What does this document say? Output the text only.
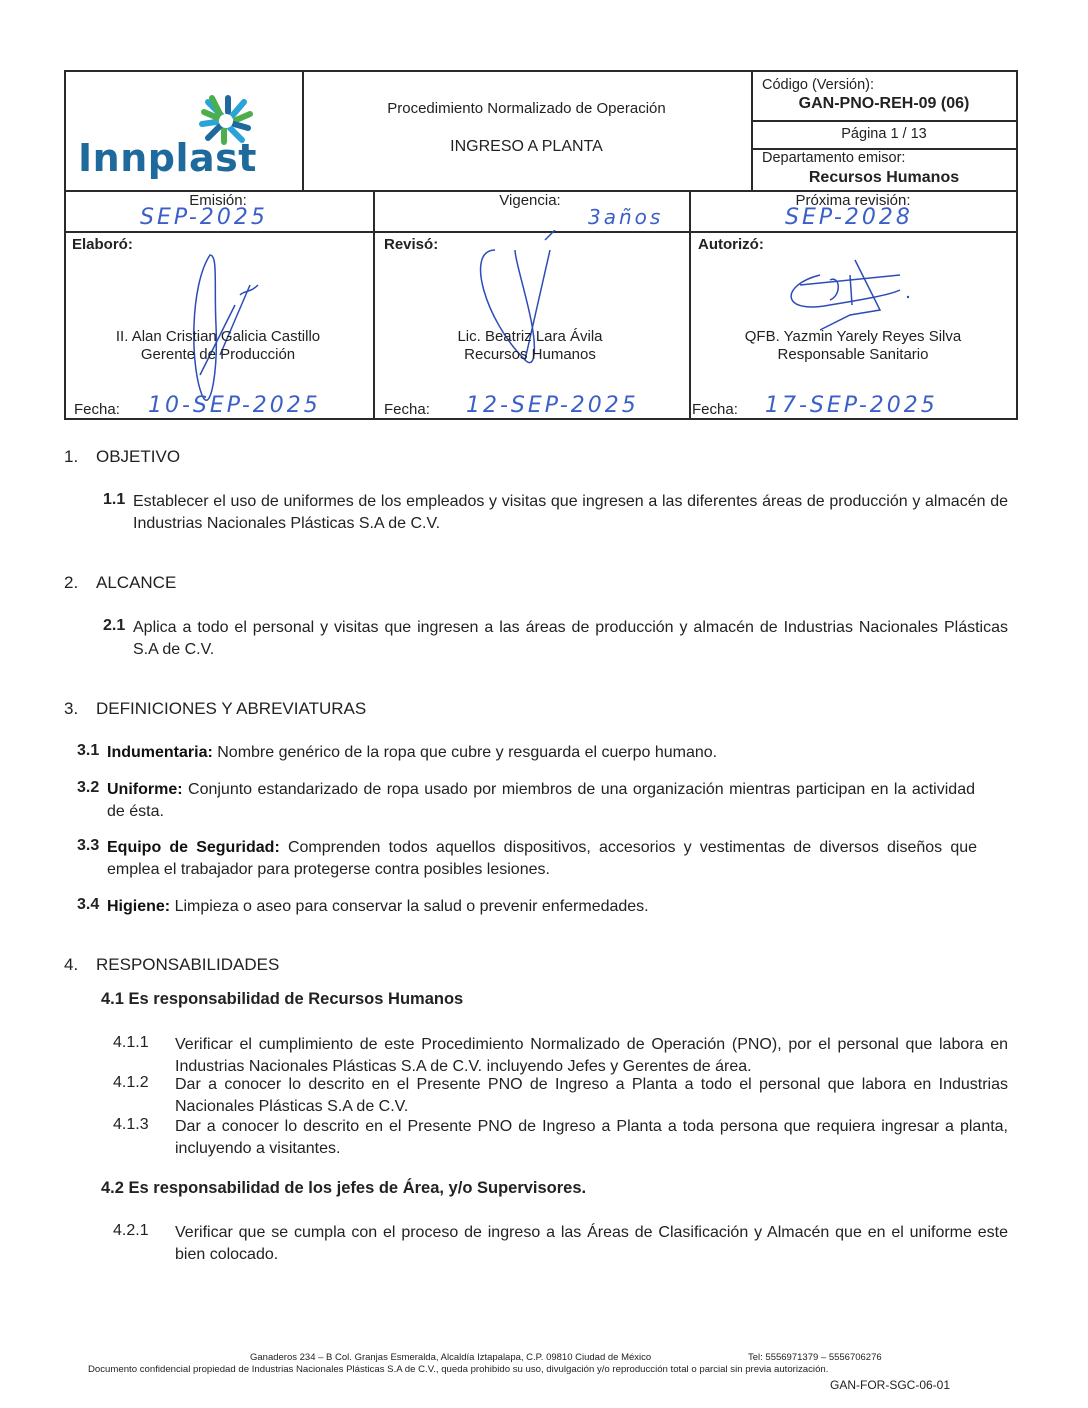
Innplast
Procedimiento Normalizado de Operación
INGRESO A PLANTA
Código (Versión):
GAN-PNO-REH-09 (06)
Página 1 / 13
Departamento emisor:
Recursos Humanos
Emisión:
SEP-2025
Vigencia:
3años
Próxima revisión:
SEP-2028
Elaboró:
II. Alan Cristian Galicia Castillo
Gerente de Producción
Fecha: 10-SEP-2025
Revisó:
Lic. Beatriz Lara Ávila
Recursos Humanos
Fecha: 12-SEP-2025
Autorizó:
QFB. Yazmin Yarely Reyes Silva
Responsable Sanitario
Fecha: 17-SEP-2025
1. OBJETIVO
1.1 Establecer el uso de uniformes de los empleados y visitas que ingresen a las diferentes áreas de producción y almacén de Industrias Nacionales Plásticas S.A de C.V.
2. ALCANCE
2.1 Aplica a todo el personal y visitas que ingresen a las áreas de producción y almacén de Industrias Nacionales Plásticas S.A de C.V.
3. DEFINICIONES Y ABREVIATURAS
3.1 Indumentaria: Nombre genérico de la ropa que cubre y resguarda el cuerpo humano.
3.2 Uniforme: Conjunto estandarizado de ropa usado por miembros de una organización mientras participan en la actividad de ésta.
3.3 Equipo de Seguridad: Comprenden todos aquellos dispositivos, accesorios y vestimentas de diversos diseños que emplea el trabajador para protegerse contra posibles lesiones.
3.4 Higiene: Limpieza o aseo para conservar la salud o prevenir enfermedades.
4. RESPONSABILIDADES
4.1 Es responsabilidad de Recursos Humanos
4.1.1 Verificar el cumplimiento de este Procedimiento Normalizado de Operación (PNO), por el personal que labora en Industrias Nacionales Plásticas S.A de C.V. incluyendo Jefes y Gerentes de área.
4.1.2 Dar a conocer lo descrito en el Presente PNO de Ingreso a Planta a todo el personal que labora en Industrias Nacionales Plásticas S.A de C.V.
4.1.3 Dar a conocer lo descrito en el Presente PNO de Ingreso a Planta a toda persona que requiera ingresar a planta, incluyendo a visitantes.
4.2 Es responsabilidad de los jefes de Área, y/o Supervisores.
4.2.1 Verificar que se cumpla con el proceso de ingreso a las Áreas de Clasificación y Almacén que en el uniforme este bien colocado.
Ganaderos 234 – B Col. Granjas Esmeralda, Alcaldía Iztapalapa, C.P. 09810 Ciudad de México	Tel: 5556971379 – 5556706276
Documento confidencial propiedad de Industrias Nacionales Plásticas S.A de C.V., queda prohibido su uso, divulgación y/o reproducción total o parcial sin previa autorización.
GAN-FOR-SGC-06-01
